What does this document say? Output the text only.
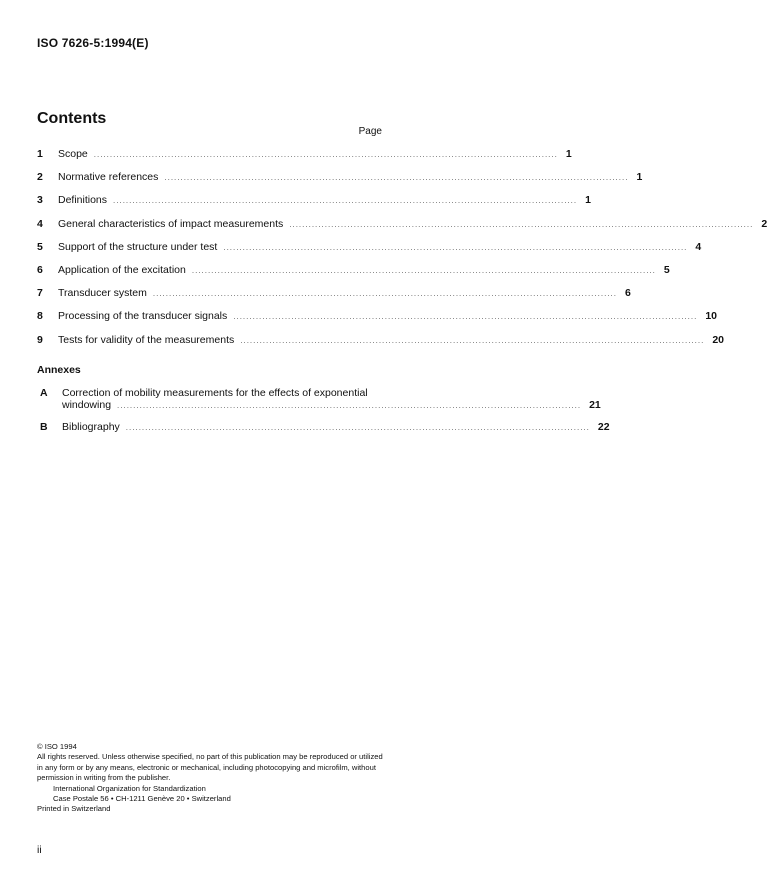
ISO 7626-5:1994(E)
Contents
Page
1	Scope ................................................................................................................................................ 1
2	Normative references ................................................................................................................................................ 1
3	Definitions ................................................................................................................................................ 1
4	General characteristics of impact measurements ................................................................................................................................................ 2
5	Support of the structure under test ................................................................................................................................................ 4
6	Application of the excitation ................................................................................................................................................ 5
7	Transducer system ................................................................................................................................................ 6
8	Processing of the transducer signals ................................................................................................................................................ 10
9	Tests for validity of the measurements ................................................................................................................................................ 20
Annexes
A Correction of mobility measurements for the effects of exponential
windowing ................................................................................................................................................ 21
B Bibliography ................................................................................................................................................ 22
© ISO 1994
All rights reserved. Unless otherwise specified, no part of this publication may be reproduced or utilized in any form or by any means, electronic or mechanical, including photocopying and microfilm, without permission in writing from the publisher.
International Organization for Standardization
Case Postale 56 • CH-1211 Genève 20 • Switzerland
Printed in Switzerland
ii
